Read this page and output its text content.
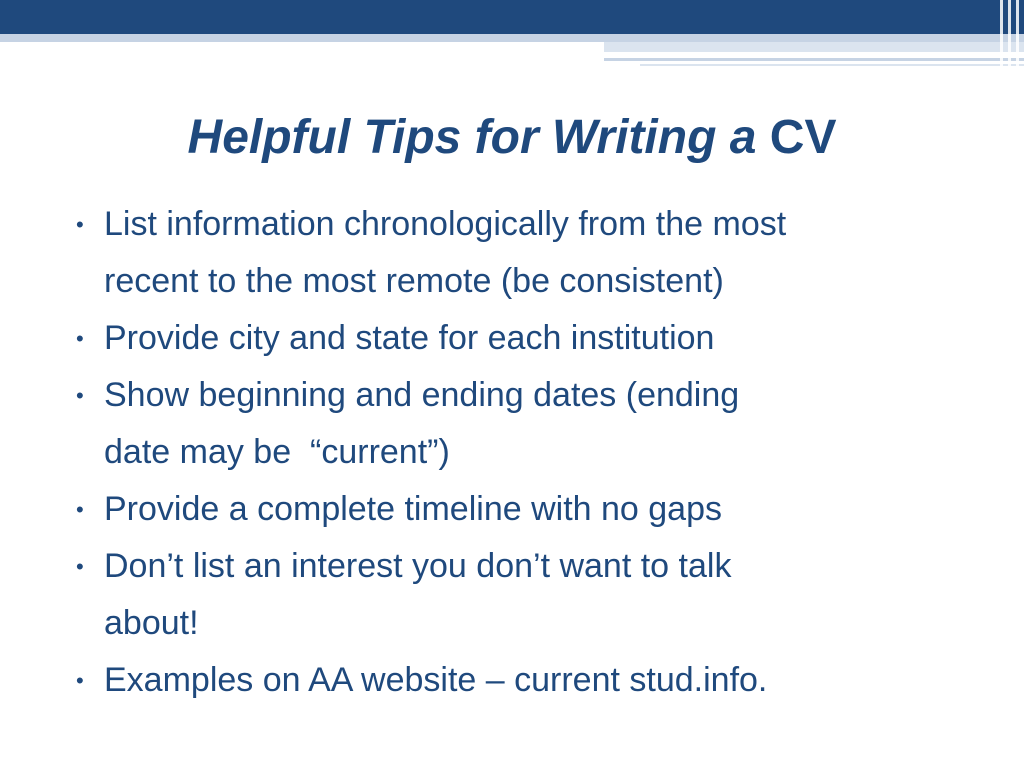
Helpful Tips for Writing a CV
• List information chronologically from the most
recent to the most remote (be consistent)
• Provide city and state for each institution
• Show beginning and ending dates (ending
date may be  “current”)
• Provide a complete timeline with no gaps
• Don’t list an interest you don’t want to talk
about!
• Examples on AA website – current stud.info.
